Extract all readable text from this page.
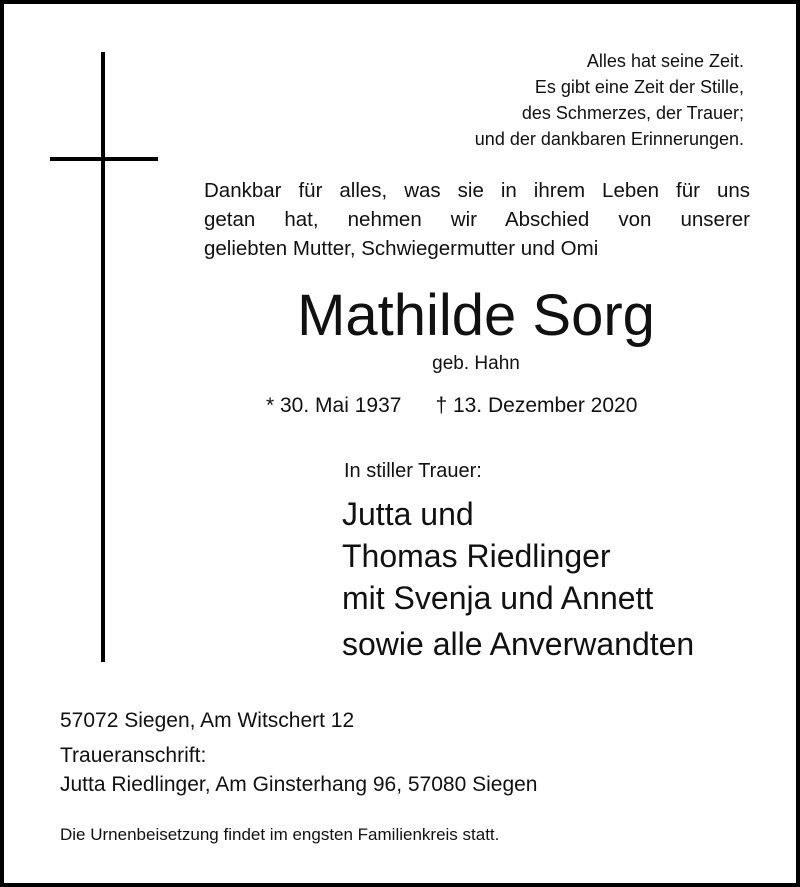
Alles hat seine Zeit.
Es gibt eine Zeit der Stille,
des Schmerzes, der Trauer;
und der dankbaren Erinnerungen.
Dankbar für alles, was sie in ihrem Leben für uns
getan hat, nehmen wir Abschied von unserer
geliebten Mutter, Schwiegermutter und Omi
Mathilde Sorg
geb. Hahn
* 30. Mai 1937 † 13. Dezember 2020
In stiller Trauer:
Jutta und
Thomas Riedlinger
mit Svenja und Annett
sowie alle Anverwandten
57072 Siegen, Am Witschert 12
Traueranschrift:
Jutta Riedlinger, Am Ginsterhang 96, 57080 Siegen
Die Urnenbeisetzung findet im engsten Familienkreis statt.
